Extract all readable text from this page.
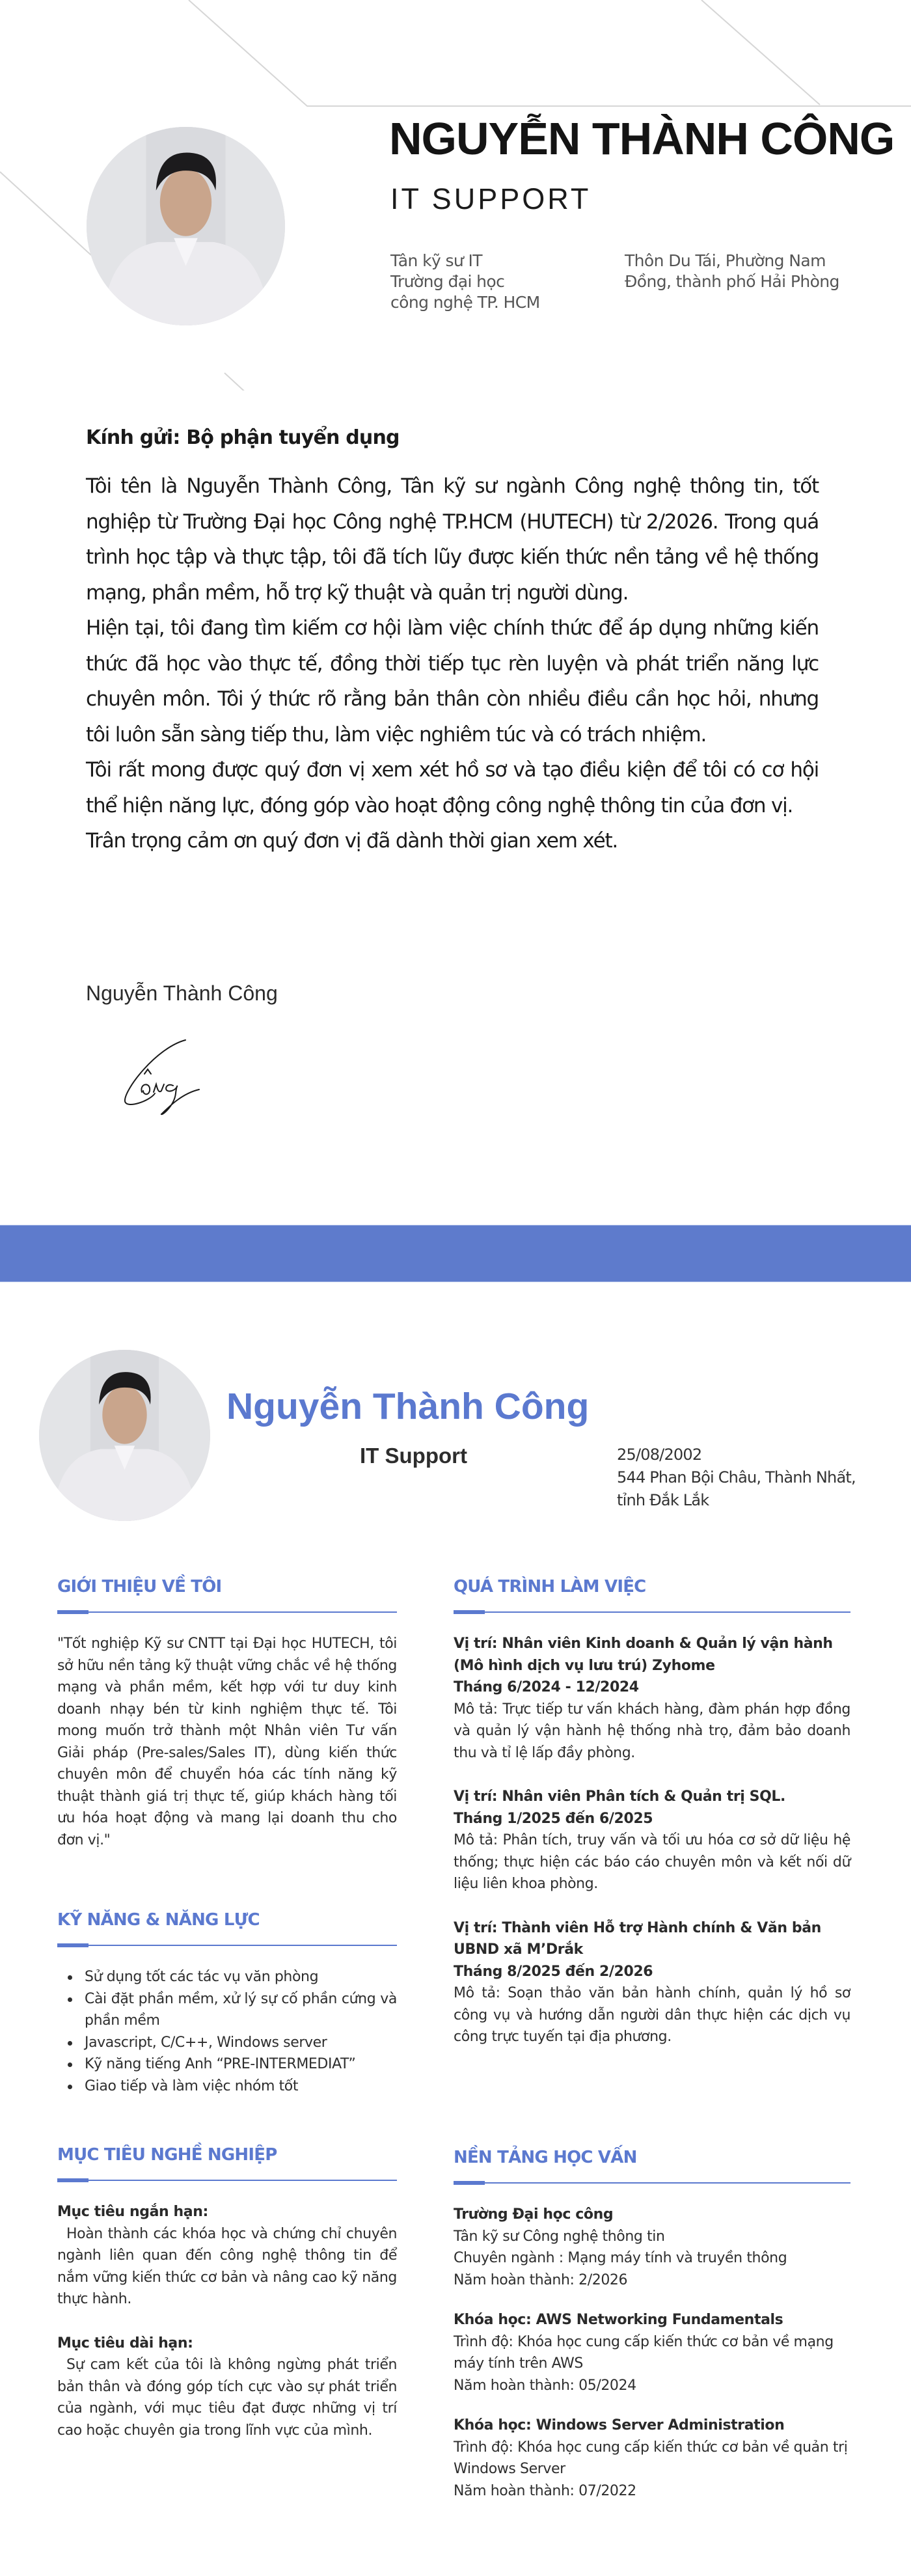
NGUYỄN THÀNH CÔNG
IT SUPPORT
Tân kỹ sư IT
Trường đại học
công nghệ TP. HCM
Thôn Du Tái, Phường Nam
Đồng, thành phố Hải Phòng
Kính gửi: Bộ phận tuyển dụng

Tôi tên là Nguyễn Thành Công, Tân kỹ sư ngành Công nghệ thông tin, tốt nghiệp từ Trường Đại học Công nghệ TP.HCM (HUTECH) từ 2/2026. Trong quá trình học tập và thực tập, tôi đã tích lũy được kiến thức nền tảng về hệ thống mạng, phần mềm, hỗ trợ kỹ thuật và quản trị người dùng.

Hiện tại, tôi đang tìm kiếm cơ hội làm việc chính thức để áp dụng những kiến thức đã học vào thực tế, đồng thời tiếp tục rèn luyện và phát triển năng lực chuyên môn. Tôi ý thức rõ rằng bản thân còn nhiều điều cần học hỏi, nhưng tôi luôn sẵn sàng tiếp thu, làm việc nghiêm túc và có trách nhiệm.

Tôi rất mong được quý đơn vị xem xét hồ sơ và tạo điều kiện để tôi có cơ hội thể hiện năng lực, đóng góp vào hoạt động công nghệ thông tin của đơn vị.

Trân trọng cảm ơn quý đơn vị đã dành thời gian xem xét.

Nguyễn Thành Công
Nguyễn Thành Công
IT Support	25/08/2002
544 Phan Bội Châu, Thành Nhất,
tỉnh Đắk Lắk
GIỚI THIỆU VỀ TÔI

"Tốt nghiệp Kỹ sư CNTT tại Đại học HUTECH, tôi sở hữu nền tảng kỹ thuật vững chắc về hệ thống mạng và phần mềm, kết hợp với tư duy kinh doanh nhạy bén từ kinh nghiệm thực tế. Tôi mong muốn trở thành một Nhân viên Tư vấn Giải pháp (Pre-sales/Sales IT), dùng kiến thức chuyên môn để chuyển hóa các tính năng kỹ thuật thành giá trị thực tế, giúp khách hàng tối ưu hóa hoạt động và mang lại doanh thu cho đơn vị."

KỸ NĂNG & NĂNG LỰC
Sử dụng tốt các tác vụ văn phòng
Cài đặt phần mềm, xử lý sự cố phần cứng và phần mềm
Javascript, C/C++, Windows server
Kỹ năng tiếng Anh “PRE-INTERMEDIAT”
Giao tiếp và làm việc nhóm tốt
MỤC TIÊU NGHỀ NGHIỆP
Mục tiêu ngắn hạn:

Hoàn thành các khóa học và chứng chỉ chuyên ngành liên quan đến công nghệ thông tin để nắm vững kiến thức cơ bản và nâng cao kỹ năng thực hành.

Mục tiêu dài hạn:

Sự cam kết của tôi là không ngừng phát triển bản thân và đóng góp tích cực vào sự phát triển của ngành, với mục tiêu đạt được những vị trí cao hoặc chuyên gia trong lĩnh vực của mình.

QUÁ TRÌNH LÀM VIỆC
Vị trí: Nhân viên Kinh doanh & Quản lý vận hành (Mô hình dịch vụ lưu trú) Zyhome
Tháng 6/2024 - 12/2024

Mô tả: Trực tiếp tư vấn khách hàng, đàm phán hợp đồng và quản lý vận hành hệ thống nhà trọ, đảm bảo doanh thu và tỉ lệ lấp đầy phòng.

Vị trí: Nhân viên Phân tích & Quản trị SQL.
Tháng 1/2025 đến 6/2025

Mô tả: Phân tích, truy vấn và tối ưu hóa cơ sở dữ liệu hệ thống; thực hiện các báo cáo chuyên môn và kết nối dữ liệu liên khoa phòng.

Vị trí: Thành viên Hỗ trợ Hành chính & Văn bản UBND xã M’Drắk
Tháng 8/2025 đến 2/2026

Mô tả: Soạn thảo văn bản hành chính, quản lý hồ sơ công vụ và hướng dẫn người dân thực hiện các dịch vụ công trực tuyến tại địa phương.

NỀN TẢNG HỌC VẤN
Trường Đại học công
Tân kỹ sư Công nghệ thông tin
Chuyên ngành : Mạng máy tính và truyền thông
Năm hoàn thành: 2/2026
Khóa học: AWS Networking Fundamentals
Trình độ: Khóa học cung cấp kiến thức cơ bản về mạng máy tính trên AWS
Năm hoàn thành: 05/2024
Khóa học: Windows Server Administration
Trình độ: Khóa học cung cấp kiến thức cơ bản về quản trị Windows Server
Năm hoàn thành: 07/2022
